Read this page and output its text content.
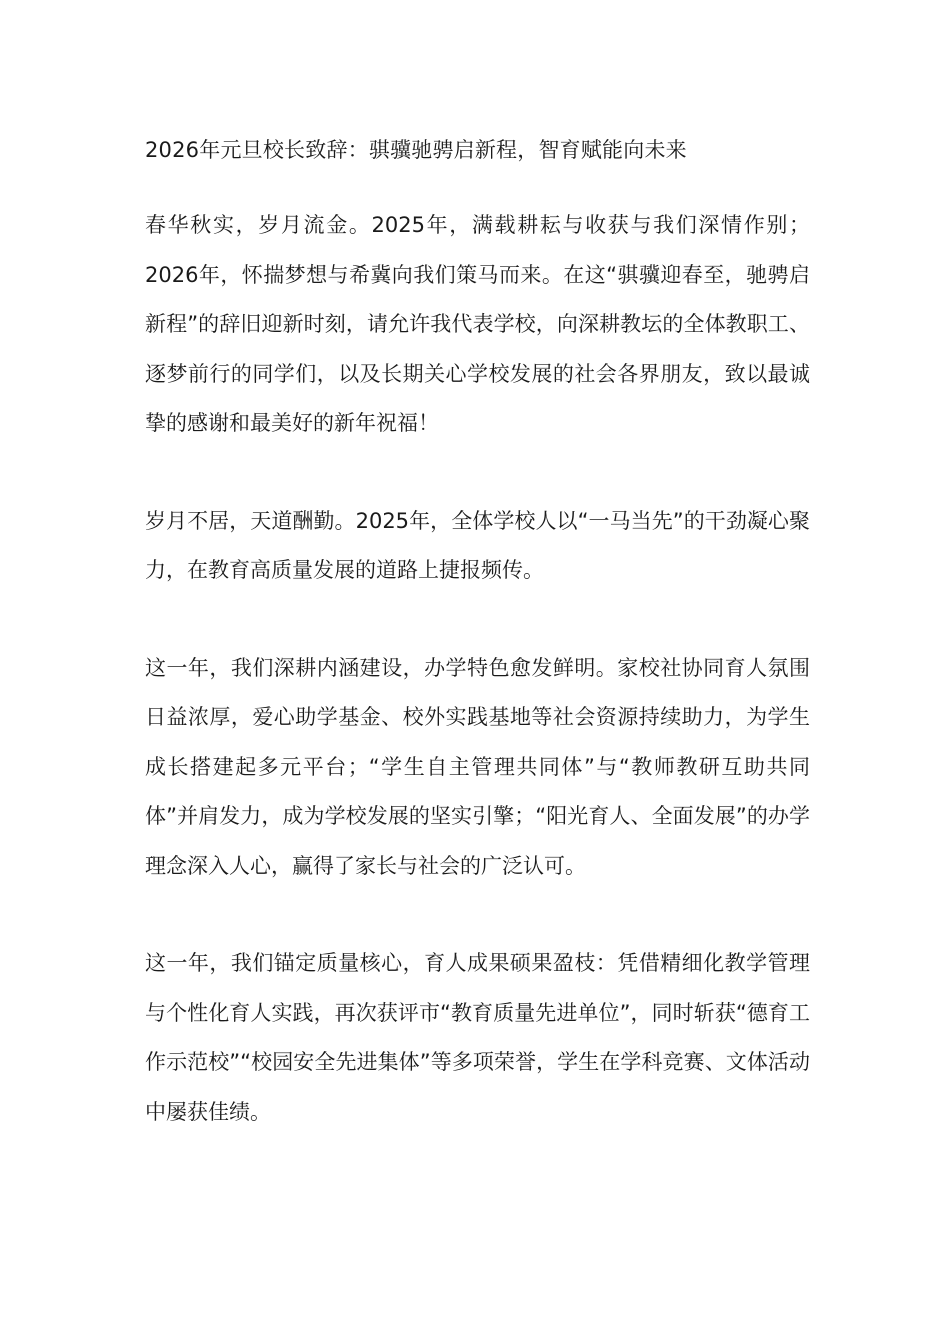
2026年元旦校长致辞：骐骥驰骋启新程，智育赋能向未来

春华秋实，岁月流金。2025年，满载耕耘与收获与我们深情作别；2026年，怀揣梦想与希冀向我们策马而来。在这“骐骥迎春至，驰骋启新程”的辞旧迎新时刻，请允许我代表学校，向深耕教坛的全体教职工、逐梦前行的同学们，以及长期关心学校发展的社会各界朋友，致以最诚挚的感谢和最美好的新年祝福！

岁月不居，天道酬勤。2025年，全体学校人以“一马当先”的干劲凝心聚力，在教育高质量发展的道路上捷报频传。

这一年，我们深耕内涵建设，办学特色愈发鲜明。家校社协同育人氛围日益浓厚，爱心助学基金、校外实践基地等社会资源持续助力，为学生成长搭建起多元平台；“学生自主管理共同体”与“教师教研互助共同体”并肩发力，成为学校发展的坚实引擎；“阳光育人、全面发展”的办学理念深入人心，赢得了家长与社会的广泛认可。

这一年，我们锚定质量核心，育人成果硕果盈枝：凭借精细化教学管理与个性化育人实践，再次获评市“教育质量先进单位”，同时斩获“德育工作示范校”“校园安全先进集体”等多项荣誉，学生在学科竞赛、文体活动中屡获佳绩。
